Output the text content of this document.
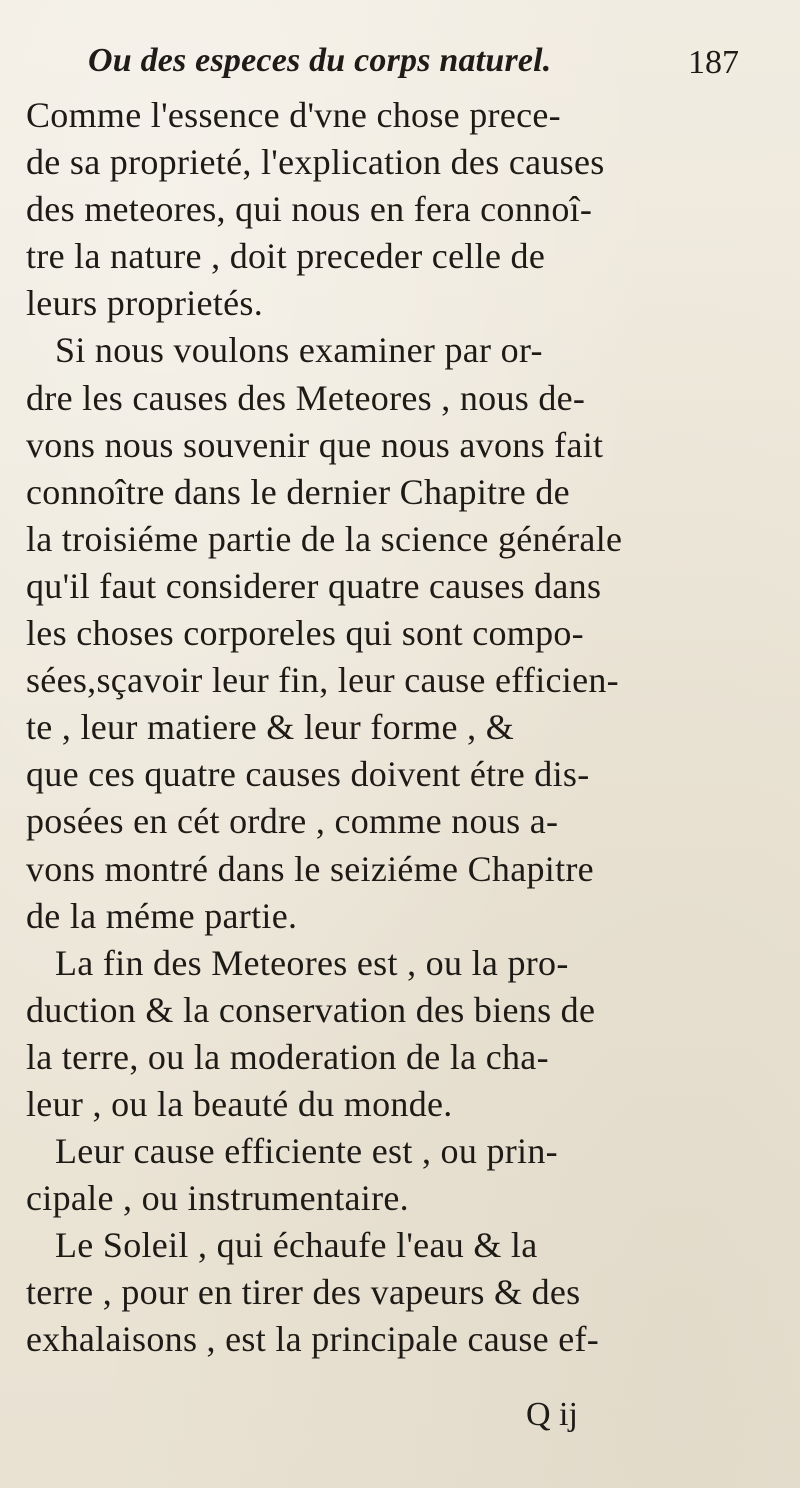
Ou des especes du corps naturel.	187
Comme l'essence d'vne chose prece-
de sa proprieté, l'explication des causes
des meteores, qui nous en fera connoî-
tre la nature , doit preceder celle de
leurs proprietés.
Si nous voulons examiner par or-
dre les causes des Meteores , nous de-
vons nous souvenir que nous avons fait
connoître dans le dernier Chapitre de
la troisiéme partie de la science générale
qu'il faut considerer quatre causes dans
les choses corporeles qui sont compo-
sées,sçavoir leur fin, leur cause efficien-
te , leur matiere & leur forme , &
que ces quatre causes doivent étre dis-
posées en cét ordre , comme nous a-
vons montré dans le seiziéme Chapitre
de la méme partie.
La fin des Meteores est , ou la pro-
duction & la conservation des biens de
la terre, ou la moderation de la cha-
leur , ou la beauté du monde.
Leur cause efficiente est , ou prin-
cipale , ou instrumentaire.
Le Soleil , qui échaufe l'eau & la
terre , pour en tirer des vapeurs & des
exhalaisons , est la principale cause ef-
Q ij
